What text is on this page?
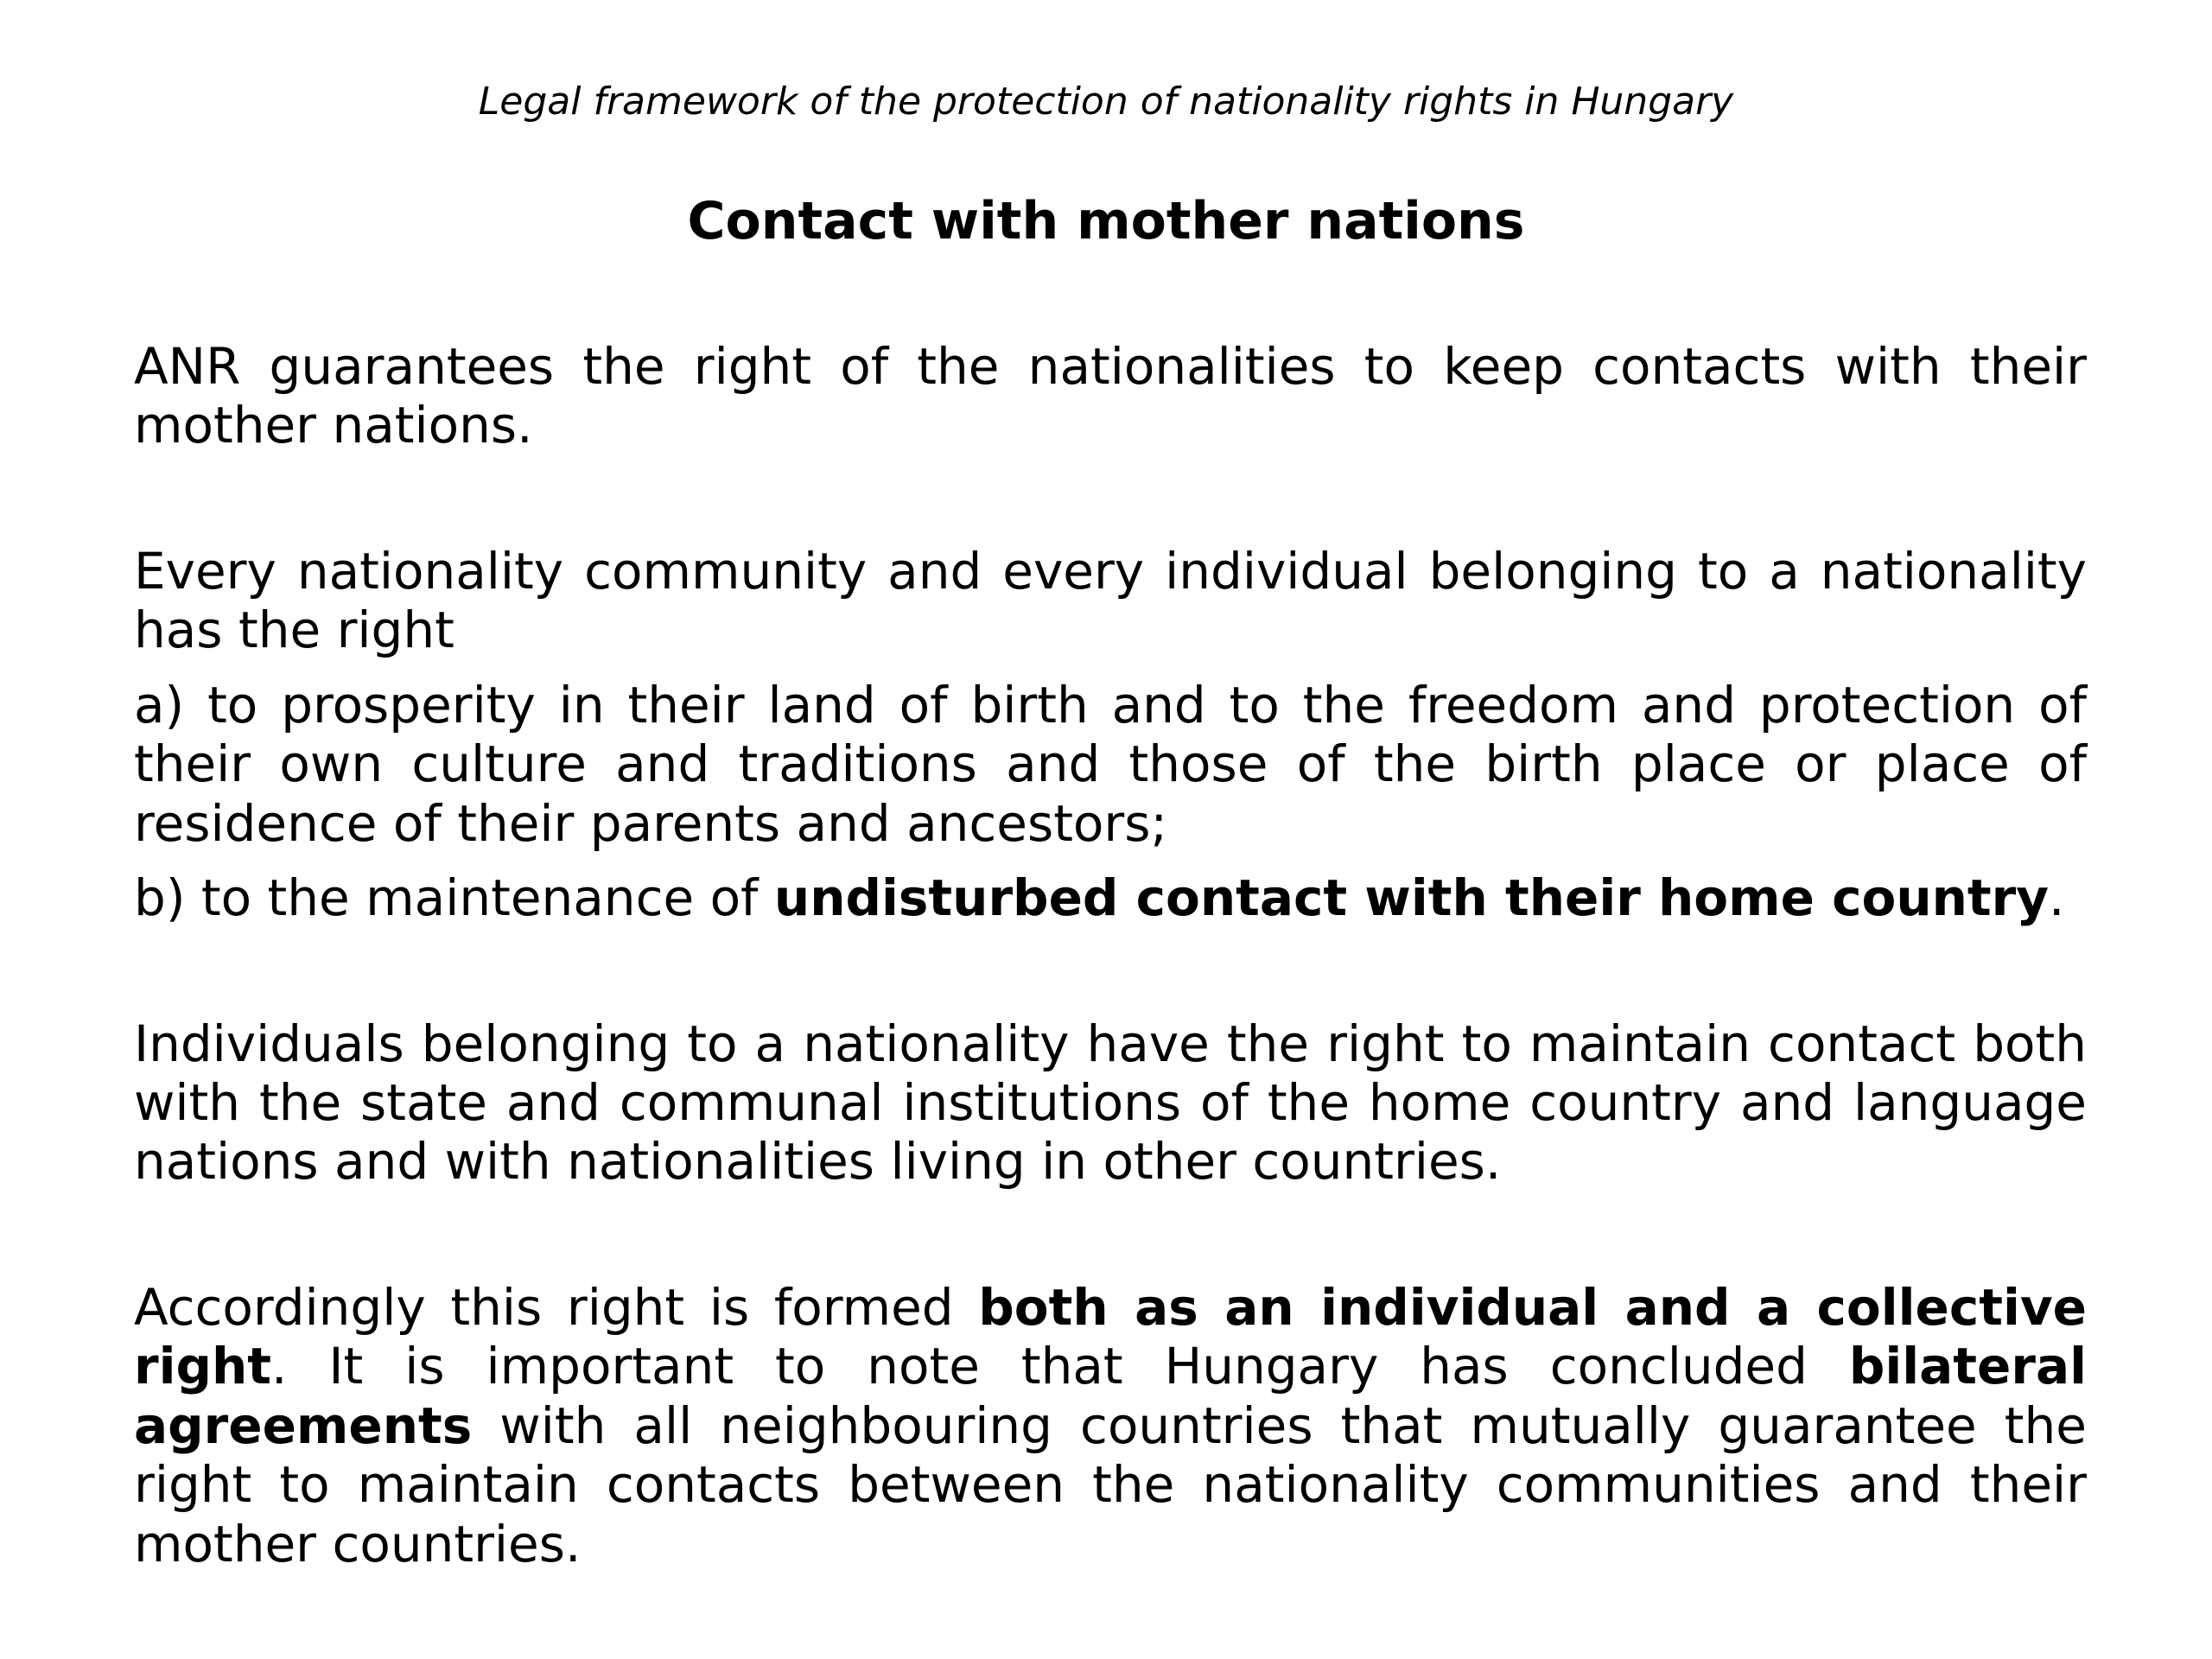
Legal framework of the protection of nationality rights in Hungary
Contact with mother nations

ANR guarantees the right of the nationalities to keep contacts with their mother nations.

Every nationality community and every individual belonging to a nationality has the right

a) to prosperity in their land of birth and to the freedom and protection of their own culture and traditions and those of the birth place or place of residence of their parents and ancestors;

b) to the maintenance of undisturbed contact with their home country.

Individuals belonging to a nationality have the right to maintain contact both with the state and communal institutions of the home country and language nations and with nationalities living in other countries.

Accordingly this right is formed both as an individual and a collective right. It is important to note that Hungary has concluded bilateral agreements with all neighbouring countries that mutually guarantee the right to maintain contacts between the nationality communities and their mother countries.
